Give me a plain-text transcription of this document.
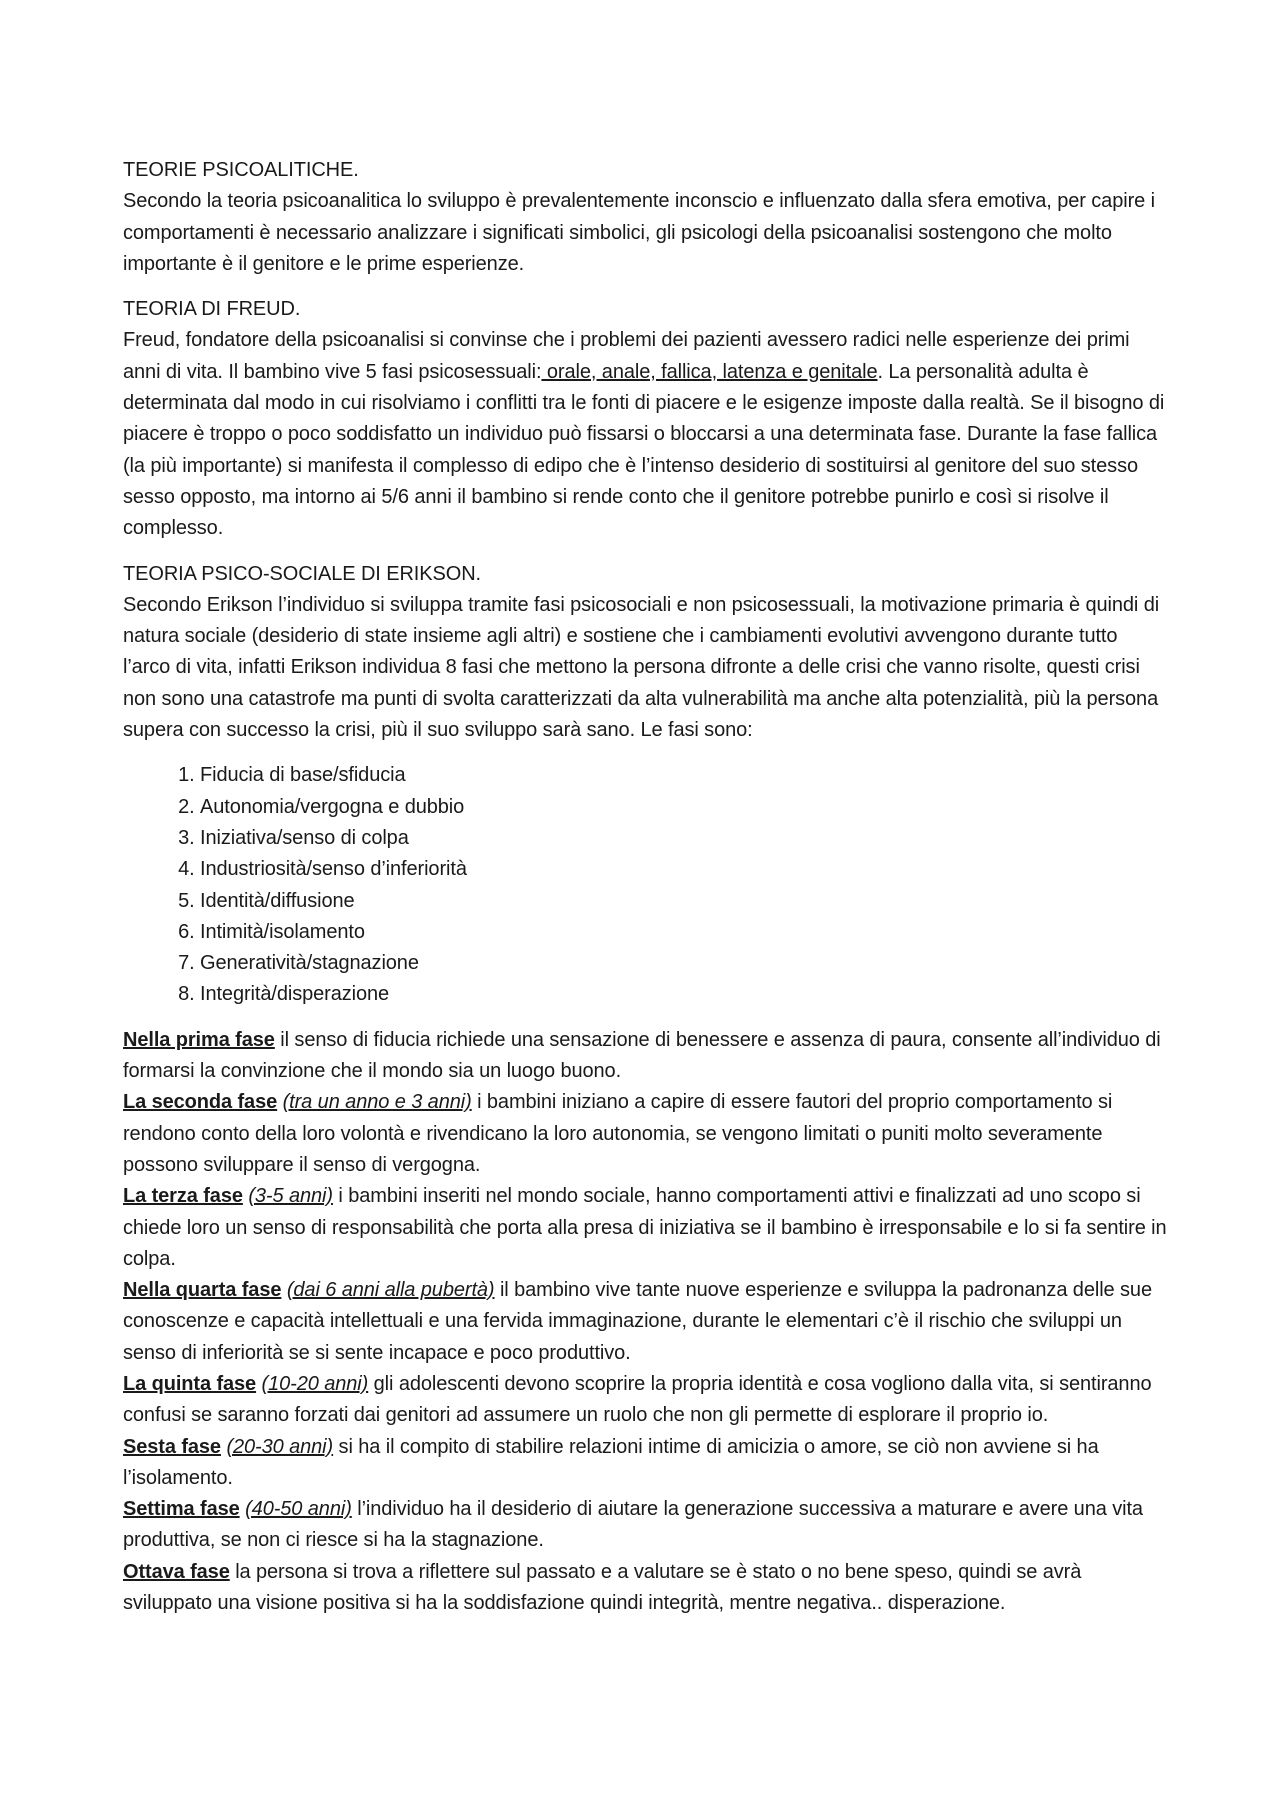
TEORIE PSICOALITICHE.

Secondo la teoria psicoanalitica lo sviluppo è prevalentemente inconscio e influenzato dalla sfera emotiva, per capire i comportamenti è necessario analizzare i significati simbolici, gli psicologi della psicoanalisi sostengono che molto importante è il genitore e le prime esperienze.

TEORIA DI FREUD.

Freud, fondatore della psicoanalisi si convinse che i problemi dei pazienti avessero radici nelle esperienze dei primi anni di vita. Il bambino vive 5 fasi psicosessuali: orale, anale, fallica, latenza e genitale. La personalità adulta è determinata dal modo in cui risolviamo i conflitti tra le fonti di piacere e le esigenze imposte dalla realtà. Se il bisogno di piacere è troppo o poco soddisfatto un individuo può fissarsi o bloccarsi a una determinata fase. Durante la fase fallica (la più importante) si manifesta il complesso di edipo che è l’intenso desiderio di sostituirsi al genitore del suo stesso sesso opposto, ma intorno ai 5/6 anni il bambino si rende conto che il genitore potrebbe punirlo e così si risolve il complesso.

TEORIA PSICO-SOCIALE DI ERIKSON.

Secondo Erikson l’individuo si sviluppa tramite fasi psicosociali e non psicosessuali, la motivazione primaria è quindi di natura sociale (desiderio di state insieme agli altri) e sostiene che i cambiamenti evolutivi avvengono durante tutto l’arco di vita, infatti Erikson individua 8 fasi che mettono la persona difronte a delle crisi che vanno risolte, questi crisi non sono una catastrofe ma punti di svolta caratterizzati da alta vulnerabilità ma anche alta potenzialità, più la persona supera con successo la crisi, più il suo sviluppo sarà sano. Le fasi sono:

1. Fiducia di base/sfiducia
2. Autonomia/vergogna e dubbio
3. Iniziativa/senso di colpa
4. Industriosità/senso d’inferiorità
5. Identità/diffusione
6. Intimità/isolamento
7. Generatività/stagnazione
8. Integrità/disperazione

Nella prima fase il senso di fiducia richiede una sensazione di benessere e assenza di paura, consente all’individuo di formarsi la convinzione che il mondo sia un luogo buono.

La seconda fase (tra un anno e 3 anni) i bambini iniziano a capire di essere fautori del proprio comportamento si rendono conto della loro volontà e rivendicano la loro autonomia, se vengono limitati o puniti molto severamente possono sviluppare il senso di vergogna.

La terza fase (3-5 anni) i bambini inseriti nel mondo sociale, hanno comportamenti attivi e finalizzati ad uno scopo si chiede loro un senso di responsabilità che porta alla presa di iniziativa se il bambino è irresponsabile e lo si fa sentire in colpa.

Nella quarta fase (dai 6 anni alla pubertà) il bambino vive tante nuove esperienze e sviluppa la padronanza delle sue conoscenze e capacità intellettuali e una fervida immaginazione, durante le elementari c’è il rischio che sviluppi un senso di inferiorità se si sente incapace e poco produttivo.

La quinta fase (10-20 anni) gli adolescenti devono scoprire la propria identità e cosa vogliono dalla vita, si sentiranno confusi se saranno forzati dai genitori ad assumere un ruolo che non gli permette di esplorare il proprio io.

Sesta fase (20-30 anni) si ha il compito di stabilire relazioni intime di amicizia o amore, se ciò non avviene si ha l’isolamento.

Settima fase (40-50 anni) l’individuo ha il desiderio di aiutare la generazione successiva a maturare e avere una vita produttiva, se non ci riesce si ha la stagnazione.

Ottava fase la persona si trova a riflettere sul passato e a valutare se è stato o no bene speso, quindi se avrà sviluppato una visione positiva si ha la soddisfazione quindi integrità, mentre negativa.. disperazione.
